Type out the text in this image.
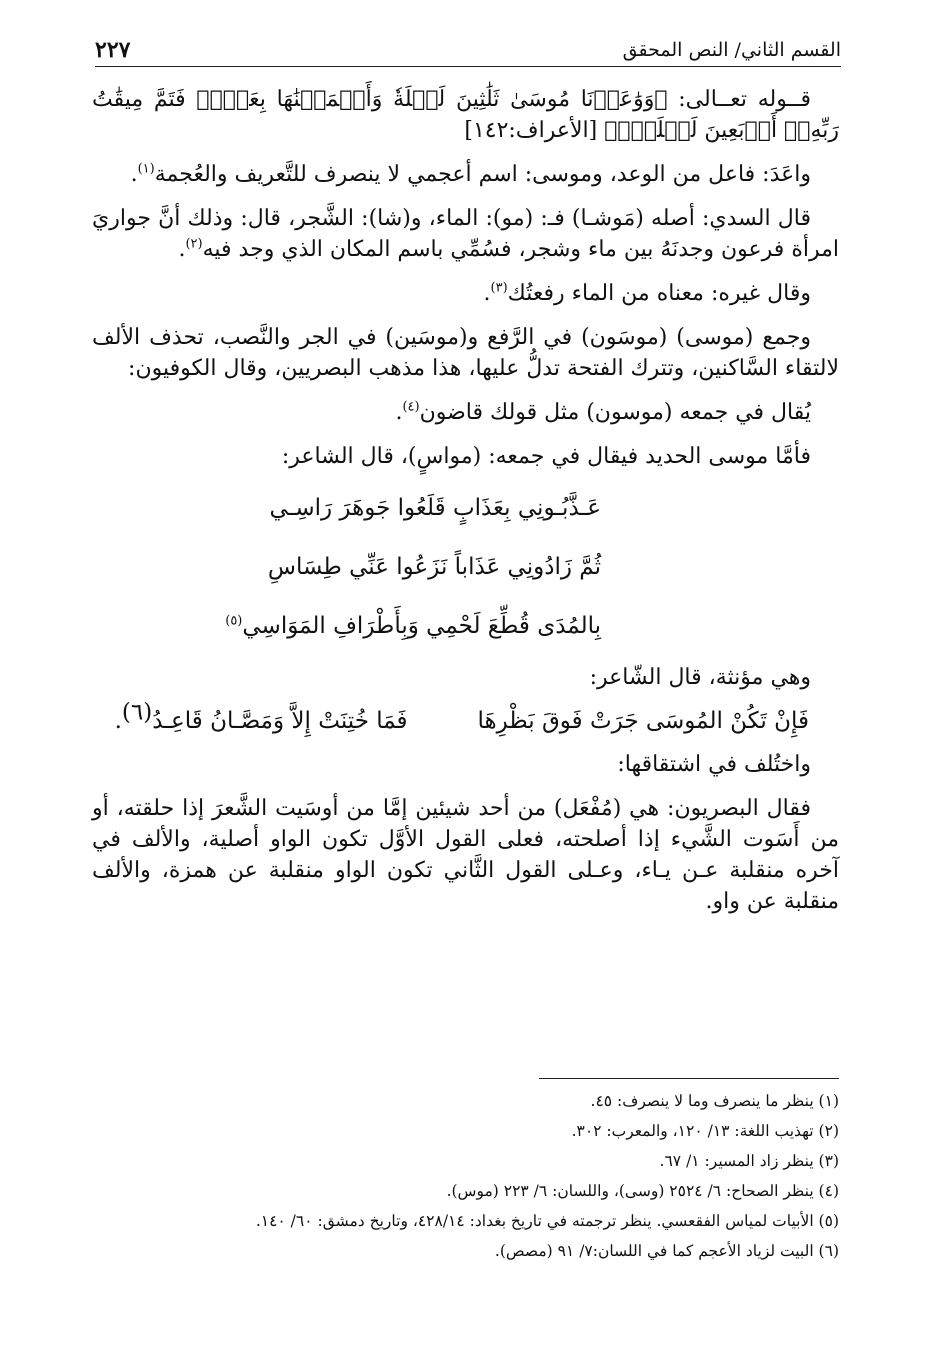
القسم الثاني/ النص المحقق
٢٢٧

قــوله تعــالى: ﴿وَوَٰعَدۡنَا مُوسَىٰ ثَلَٰثِينَ لَيۡلَةٗ وَأَتۡمَمۡنَٰهَا بِعَشۡرٖ فَتَمَّ مِيقَٰتُ رَبِّهِۦٓ أَرۡبَعِينَ لَيۡلَةٗۚ﴾ [الأعراف:١٤٢]

واعَدَ: فاعل من الوعد، وموسى: اسم أعجمي لا ينصرف للتَّعريف والعُجمة$^{(١)}$.

قال السدي: أصله (مَوشـا) فـ: (مو): الماء، و(شا): الشَّجر، قال: وذلك أنَّ جواريَ امرأة فرعون وجدنَهُ بين ماء وشجر، فسُمِّي باسم المكان الذي وجد فيه$^{(٢)}$.

وقال غيره: معناه من الماء رفعتُك$^{(٣)}$.

وجمع (موسى) (موسَون) في الرَّفع و(موسَين) في الجر والنَّصب، تحذف الألف لالتقاء السَّاكنين، وتترك الفتحة تدلُّ عليها، هذا مذهب البصريين، وقال الكوفيون:

يُقال في جمعه (موسون) مثل قولك قاضون$^{(٤)}$.

فأمَّا موسى الحديد فيقال في جمعه: (مواسٍ)، قال الشاعر:

عَـذَّبُـونِي بِعَذَابٍ قَلَعُوا جَوهَرَ رَاسِـي

ثُمَّ زَادُونِي عَذَاباً نَزَعُوا عَنِّي طِسَاسِ

بِالمُدَى قُطِّعَ لَحْمِي وَبِأَطْرَافِ المَوَاسِي$^{(٥)}$

وهي مؤنثة، قال الشّاعر:

فَإِنْ تَكُنْ المُوسَى جَرَتْ فَوقَ بَظْرِهَا
فَمَا خُتِنَتْ إِلاَّ وَمَصَّـانُ قَاعِـدُ(٦).

واختُلف في اشتقاقها:

فقال البصريون: هي (مُفْعَل) من أحد شيئين إمَّا من أوسَيت الشَّعرَ إذا حلقته، أو من أَسَوت الشَّيء إذا أصلحته، فعلى القول الأوَّل تكون الواو أصلية، والألف في آخره منقلبة عـن يـاء، وعـلى القول الثَّاني تكون الواو منقلبة عن همزة، والألف منقلبة عن واو.

(١) ينظر ما ينصرف وما لا ينصرف: ٤٥.

(٢) تهذيب اللغة: ١٣/ ١٢٠، والمعرب: ٣٠٢.

(٣) ينظر زاد المسير: ١/ ٦٧.

(٤) ينظر الصحاح: ٦/ ٢٥٢٤ (وسى)، واللسان: ٦/ ٢٢٣ (موس).

(٥) الأبيات لمياس الفقعسي. ينظر ترجمته في تاريخ بغداد: ٤٢٨/١٤، وتاريخ دمشق: ٦٠/ ١٤٠.

(٦) البيت لزياد الأعجم كما في اللسان:٧/ ٩١ (مصص).
